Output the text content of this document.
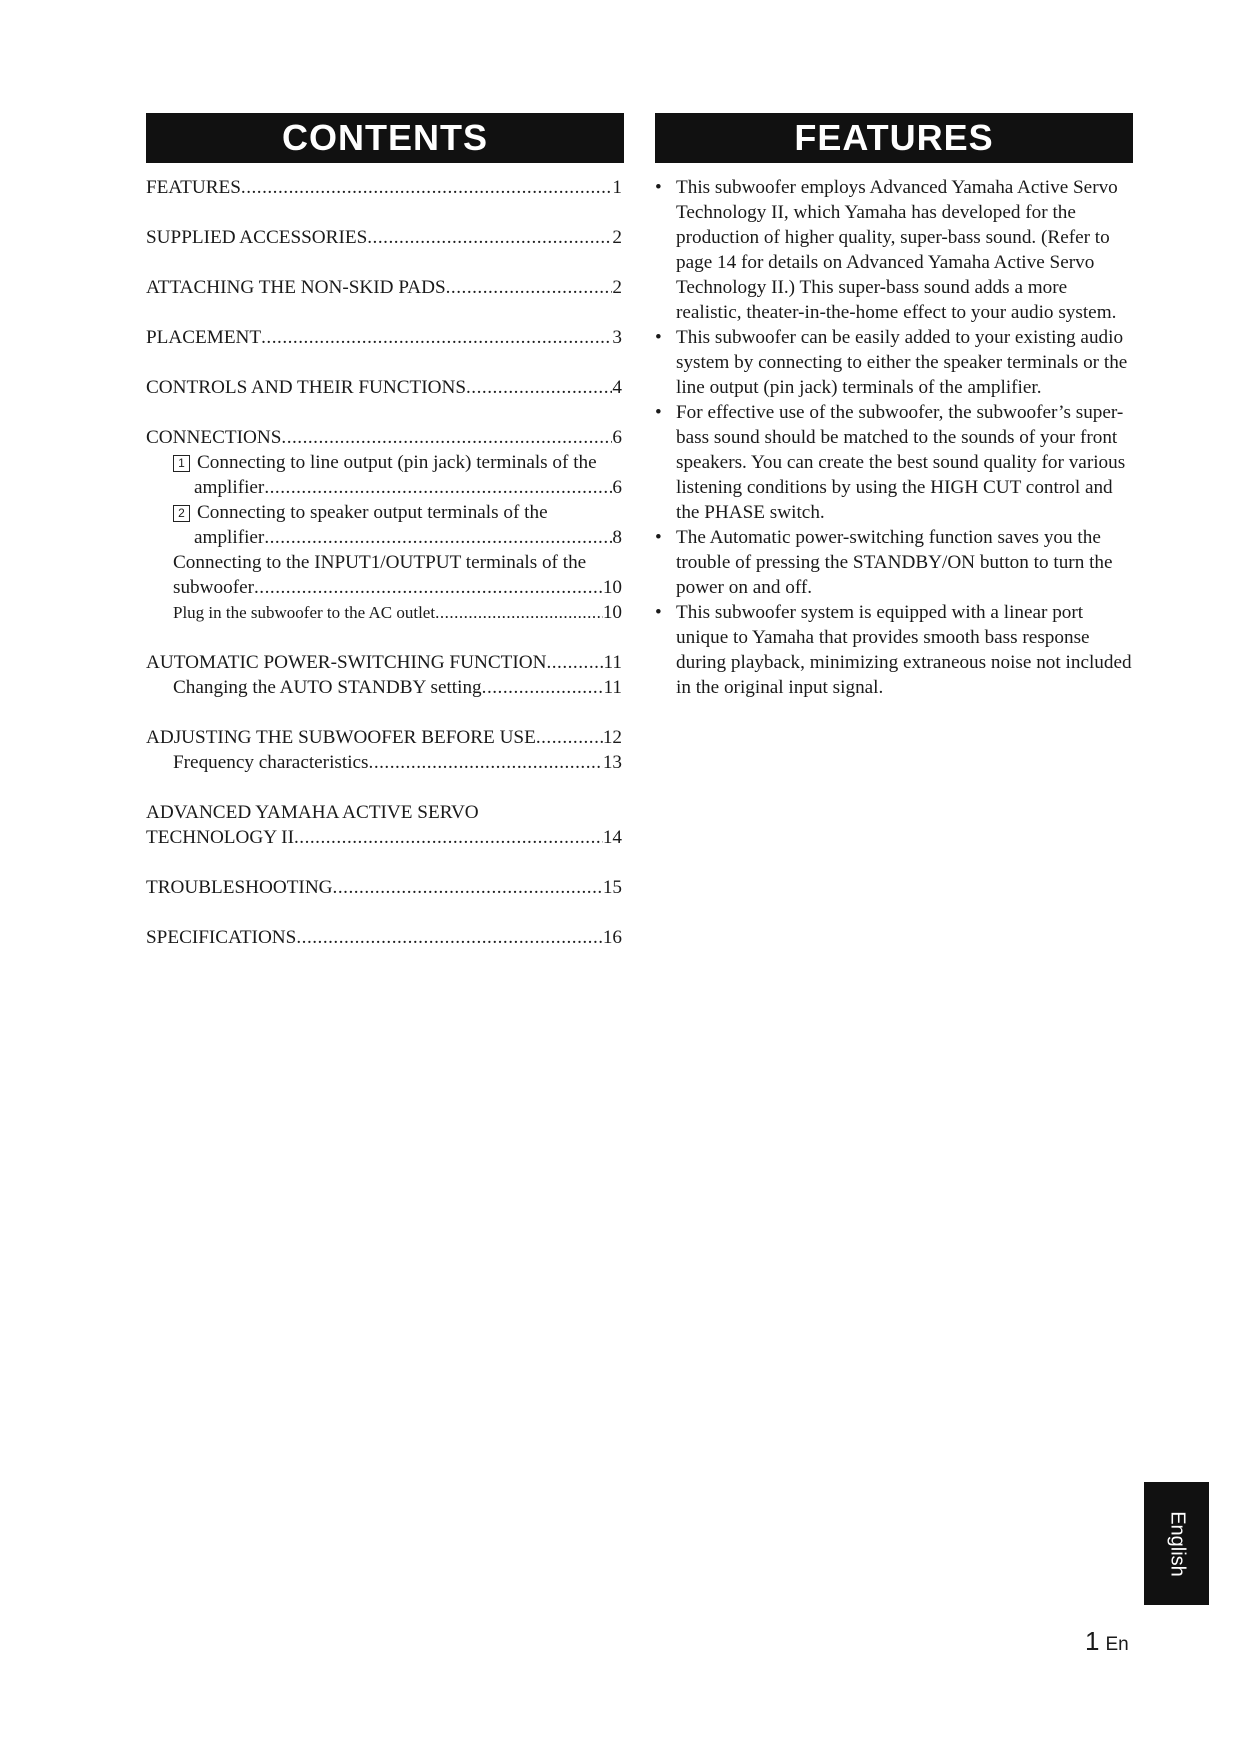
CONTENTS	FEATURES
FEATURES .....	1
SUPPLIED ACCESSORIES .....	2
ATTACHING THE NON-SKID PADS .....	2
PLACEMENT .....	3
CONTROLS AND THEIR FUNCTIONS .....	4
CONNECTIONS .....	6
1 Connecting to line output (pin jack) terminals of the
amplifier .....	6
2 Connecting to speaker output terminals of the
amplifier .....	8
Connecting to the INPUT1/OUTPUT terminals of the
subwoofer .....	10
Plug in the subwoofer to the AC outlet .....	10
AUTOMATIC POWER-SWITCHING FUNCTION .....	11
Changing the AUTO STANDBY setting .....	11
ADJUSTING THE SUBWOOFER BEFORE USE .....	12
Frequency characteristics .....	13
ADVANCED YAMAHA ACTIVE SERVO
TECHNOLOGY II .....	14
TROUBLESHOOTING .....	15
SPECIFICATIONS .....	16
• This subwoofer employs Advanced Yamaha Active Servo Technology II, which Yamaha has developed for the production of higher quality, super-bass sound. (Refer to page 14 for details on Advanced Yamaha Active Servo Technology II.) This super-bass sound adds a more realistic, theater-in-the-home effect to your audio system.
• This subwoofer can be easily added to your existing audio system by connecting to either the speaker terminals or the line output (pin jack) terminals of the amplifier.
• For effective use of the subwoofer, the subwoofer’s super-bass sound should be matched to the sounds of your front speakers. You can create the best sound quality for various listening conditions by using the HIGH CUT control and the PHASE switch.
• The Automatic power-switching function saves you the trouble of pressing the STANDBY/ON button to turn the power on and off.
• This subwoofer system is equipped with a linear port unique to Yamaha that provides smooth bass response during playback, minimizing extraneous noise not included in the original input signal.
English
1 En
